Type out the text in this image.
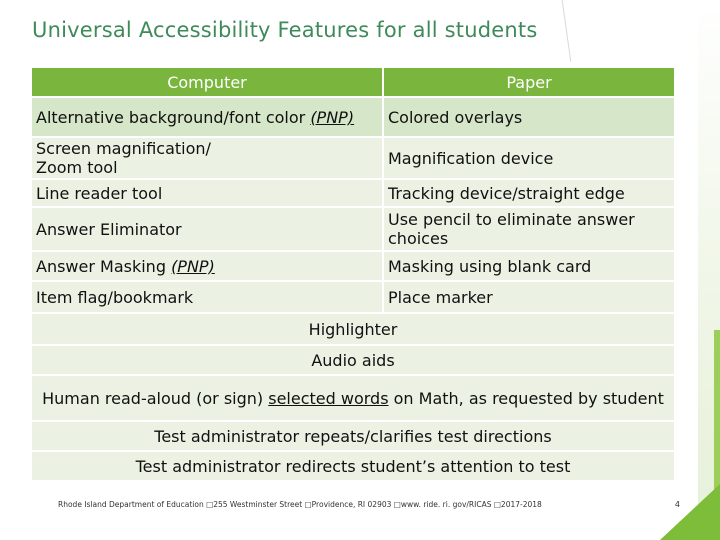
Universal Accessibility Features for all students
Computer	Paper
Alternative background/font color (PNP)	Colored overlays
Screen magnification/ Zoom tool	Magnification device
Line reader tool	Tracking device/straight edge
Answer Eliminator	Use pencil to eliminate answer choices
Answer Masking (PNP)	Masking using blank card
Item flag/bookmark	Place marker
Highlighter	
Audio aids	
Human read-aloud (or sign) selected words on Math, as requested by student	
Test administrator repeats/clarifies test directions	
Test administrator redirects student’s attention to test	
Rhode Island Department of Education □255 Westminster Street □Providence, RI 02903 □www. ride. ri. gov/RICAS □2017-2018	4
